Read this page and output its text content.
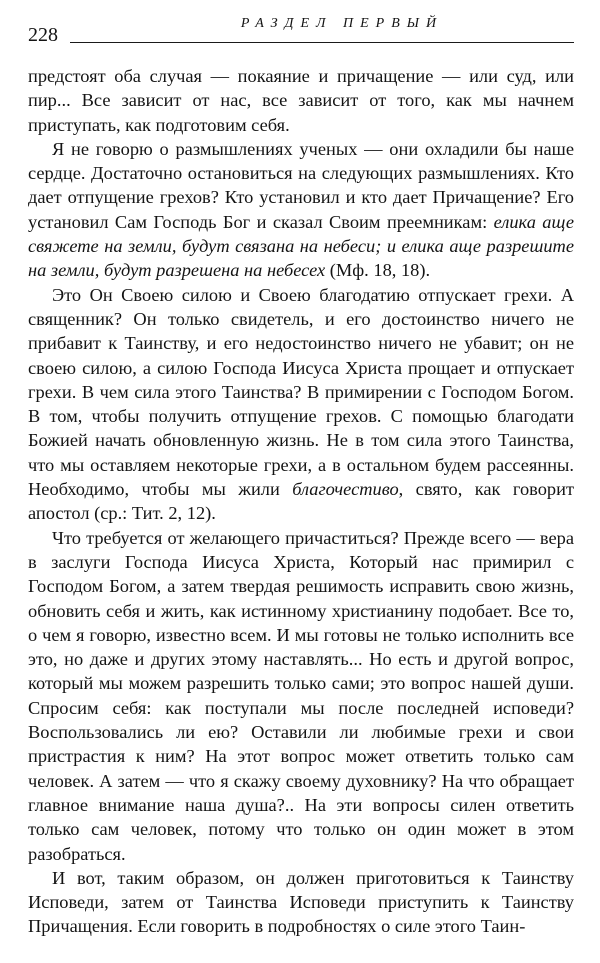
228
РАЗДЕЛ ПЕРВЫЙ

предстоят оба случая — покаяние и причащение — или суд, или пир... Все зависит от нас, все зависит от того, как мы начнем приступать, как подготовим себя.

Я не говорю о размышлениях ученых — они охладили бы наше сердце. Достаточно остановиться на следующих размышлениях. Кто дает отпущение грехов? Кто установил и кто дает Причащение? Его установил Сам Господь Бог и сказал Своим преемникам: елика аще свяжете на земли, будут связана на небеси; и елика аще разрешите на земли, будут разрешена на небесех (Мф. 18, 18).

Это Он Своею силою и Своею благодатию отпускает грехи. А священник? Он только свидетель, и его достоинство ничего не прибавит к Таинству, и его недостоинство ничего не убавит; он не своею силою, а силою Господа Иисуса Христа прощает и отпускает грехи. В чем сила этого Таинства? В примирении с Господом Богом. В том, чтобы получить отпущение грехов. С помощью благодати Божией начать обновленную жизнь. Не в том сила этого Таинства, что мы оставляем некоторые грехи, а в остальном будем рассеянны. Необходимо, чтобы мы жили благочестиво, свято, как говорит апостол (ср.: Тит. 2, 12).

Что требуется от желающего причаститься? Прежде всего — вера в заслуги Господа Иисуса Христа, Который нас примирил с Господом Богом, а затем твердая решимость исправить свою жизнь, обновить себя и жить, как истинному христианину подобает. Все то, о чем я говорю, известно всем. И мы готовы не только исполнить все это, но даже и других этому наставлять... Но есть и другой вопрос, который мы можем разрешить только сами; это вопрос нашей души. Спросим себя: как поступали мы после последней исповеди? Воспользовались ли ею? Оставили ли любимые грехи и свои пристрастия к ним? На этот вопрос может ответить только сам человек. А затем — что я скажу своему духовнику? На что обращает главное внимание наша душа?.. На эти вопросы силен ответить только сам человек, потому что только он один может в этом разобраться.

И вот, таким образом, он должен приготовиться к Таинству Исповеди, затем от Таинства Исповеди приступить к Таинству Причащения. Если говорить в подробностях о силе этого Таин-
